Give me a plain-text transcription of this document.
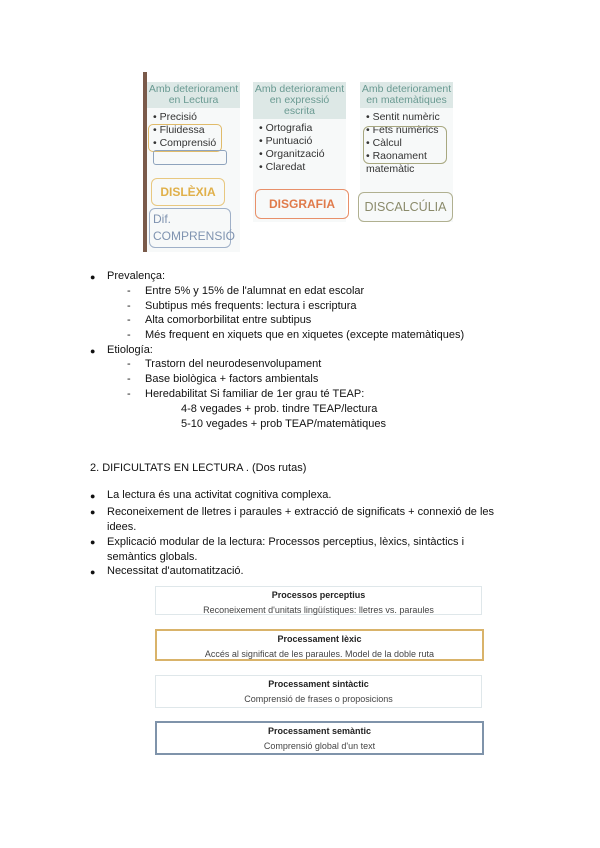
Amb deteriorament en Lectura
• Precisió
• Fluidessa
• Comprensió
DISLÈXIA
Dif. COMPRENSIÓ
Amb deteriorament en expressió escrita
• Ortografia
• Puntuació
• Organització
• Claredat
DISGRAFIA
Amb deteriorament en matemàtiques
• Sentit numèric
• Fets numèrics
• Càlcul
• Raonament matemàtic
DISCALCÚLIA
● Prevalença:
- Entre 5% y 15% de l'alumnat en edat escolar
- Subtipus més frequents: lectura i escriptura
- Alta comorborbilitat entre subtipus
- Més frequent en xiquets que en xiquetes (excepte matemàtiques)
● Etiología:
- Trastorn del neurodesenvolupament
- Base biològica + factors ambientals
- Heredabilitat Si familiar de 1er grau té TEAP:
4-8 vegades + prob. tindre TEAP/lectura
5-10 vegades + prob TEAP/matemàtiques
2. DIFICULTATS EN LECTURA . (Dos rutas)
● La lectura és una activitat cognitiva complexa.
● Reconeixement de lletres i paraules + extracció de significats + connexió de les idees.
● Explicació modular de la lectura: Processos perceptius, lèxics, sintàctics i semàntics globals.
● Necessitat d'automatització.
Processos perceptius
Reconeixement d'unitats lingüístiques: lletres vs. paraules
Processament lèxic
Accés al significat de les paraules. Model de la doble ruta
Processament sintàctic
Comprensió de frases o proposicions
Processament semàntic
Comprensió global d'un text
